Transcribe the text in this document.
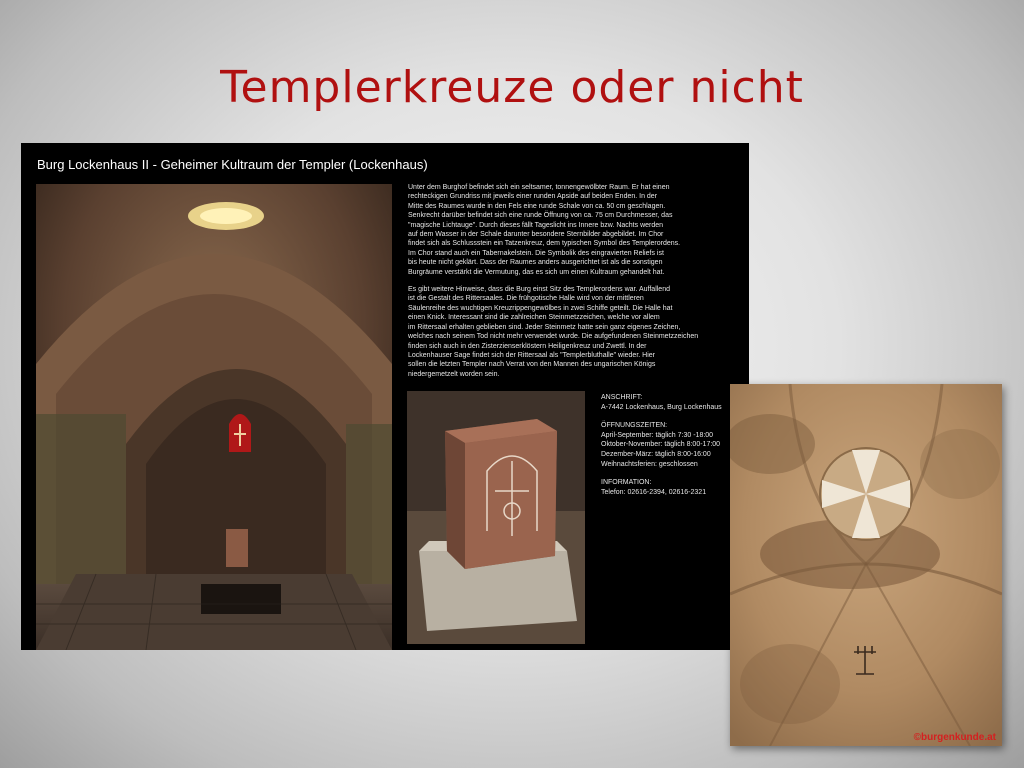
Templerkreuze oder nicht
Burg Lockenhaus II - Geheimer Kultraum der Templer (Lockenhaus)

Unter dem Burghof befindet sich ein seltsamer, tonnengewölbter Raum. Er hat einen
rechteckigen Grundriss mit jeweils einer runden Apside auf beiden Enden. In der
Mitte des Raumes wurde in den Fels eine runde Schale von ca. 50 cm geschlagen.
Senkrecht darüber befindet sich eine runde Öffnung von ca. 75 cm Durchmesser, das
"magische Lichtauge". Durch dieses fällt Tageslicht ins Innere bzw. Nachts werden
auf dem Wasser in der Schale darunter besondere Sternbilder abgebildet. Im Chor
findet sich als Schlussstein ein Tatzenkreuz, dem typischen Symbol des Templerordens.
Im Chor stand auch ein Tabernakelstein. Die Symbolik des eingravierten Reliefs ist
bis heute nicht geklärt. Dass der Raumes anders ausgerichtet ist als die sonstigen
Burgräume verstärkt die Vermutung, das es sich um einen Kultraum gehandelt hat.

Es gibt weitere Hinweise, dass die Burg einst Sitz des Templerordens war. Auffallend
ist die Gestalt des Rittersaales. Die frühgotische Halle wird von der mittleren
Säulenreihe des wuchtigen Kreuzrippengewölbes in zwei Schiffe geteilt. Die Halle hat
einen Knick. Interessant sind die zahlreichen Steinmetzzeichen, welche vor allem
im Rittersaal erhalten geblieben sind. Jeder Steinmetz hatte sein ganz eigenes Zeichen,
welches nach seinem Tod nicht mehr verwendet wurde. Die aufgefundenen Steinmetzzeichen
finden sich auch in den Zisterzienserklöstern Heiligenkreuz und Zwettl. In der
Lockenhauser Sage findet sich der Rittersaal als "Templerbluthalle" wieder. Hier
sollen die letzten Templer nach Verrat von den Mannen des ungarischen Königs
niedergemetzelt worden sein.

ANSCHRIFT:
A-7442 Lockenhaus, Burg Lockenhaus
ÖFFNUNGSZEITEN:
April-September: täglich 7:30 -18:00
Oktober-November: täglich 8:00-17:00
Dezember-März: täglich 8:00-16:00
Weihnachtsferien: geschlossen
INFORMATION:
Telefon: 02616-2394, 02616-2321
©burgenkunde.at
